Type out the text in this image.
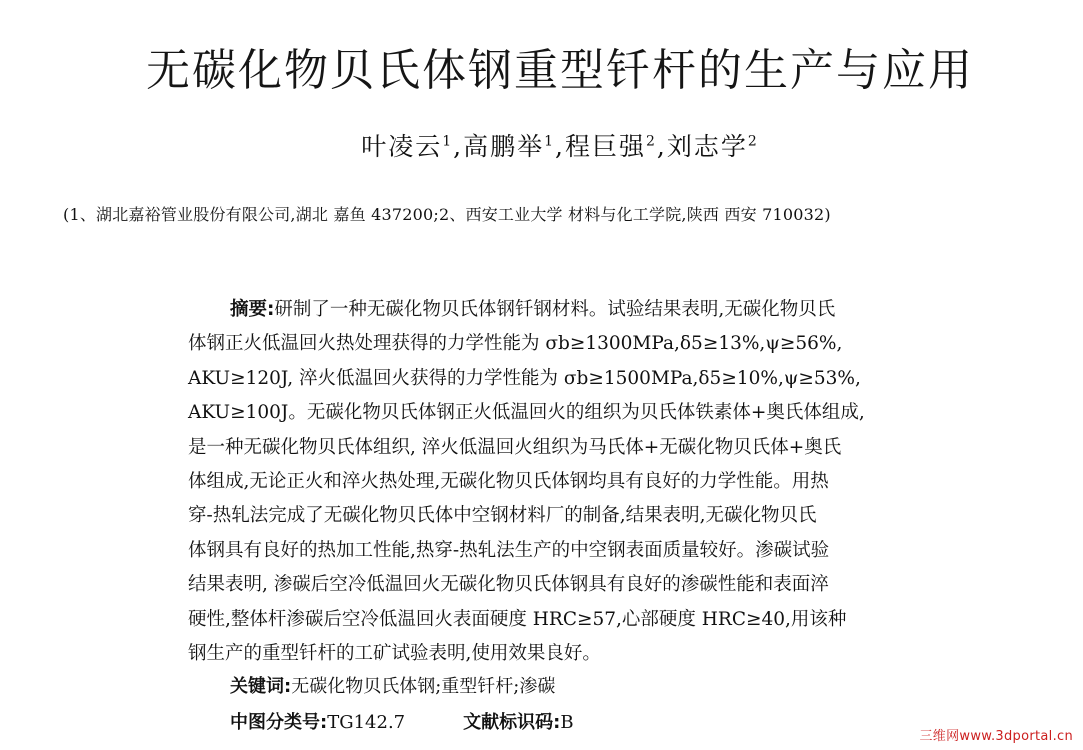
无碳化物贝氏体钢重型钎杆的生产与应用
叶凌云$^1$,高鹏举$^1$,程巨强$^2$,刘志学$^2$
(1、湖北嘉裕管业股份有限公司,湖北 嘉鱼 437200;2、西安工业大学 材料与化工学院,陕西 西安 710032)
摘要:研制了一种无碳化物贝氏体钢钎钢材料。试验结果表明,无碳化物贝氏
体钢正火低温回火热处理获得的力学性能为 σb≥1300MPa,δ5≥13%,ψ≥56%,
AKU≥120J, 淬火低温回火获得的力学性能为 σb≥1500MPa,δ5≥10%,ψ≥53%,
AKU≥100J。无碳化物贝氏体钢正火低温回火的组织为贝氏体铁素体+奥氏体组成,
是一种无碳化物贝氏体组织, 淬火低温回火组织为马氏体+无碳化物贝氏体+奥氏
体组成,无论正火和淬火热处理,无碳化物贝氏体钢均具有良好的力学性能。用热
穿-热轧法完成了无碳化物贝氏体中空钢材料厂的制备,结果表明,无碳化物贝氏
体钢具有良好的热加工性能,热穿-热轧法生产的中空钢表面质量较好。渗碳试验
结果表明, 渗碳后空冷低温回火无碳化物贝氏体钢具有良好的渗碳性能和表面淬
硬性,整体杆渗碳后空冷低温回火表面硬度 HRC≥57,心部硬度 HRC≥40,用该种
钢生产的重型钎杆的工矿试验表明,使用效果良好。
关键词:无碳化物贝氏体钢;重型钎杆;渗碳
中图分类号:TG142.7	文献标识码:B
三维网www.3dportal.cn
